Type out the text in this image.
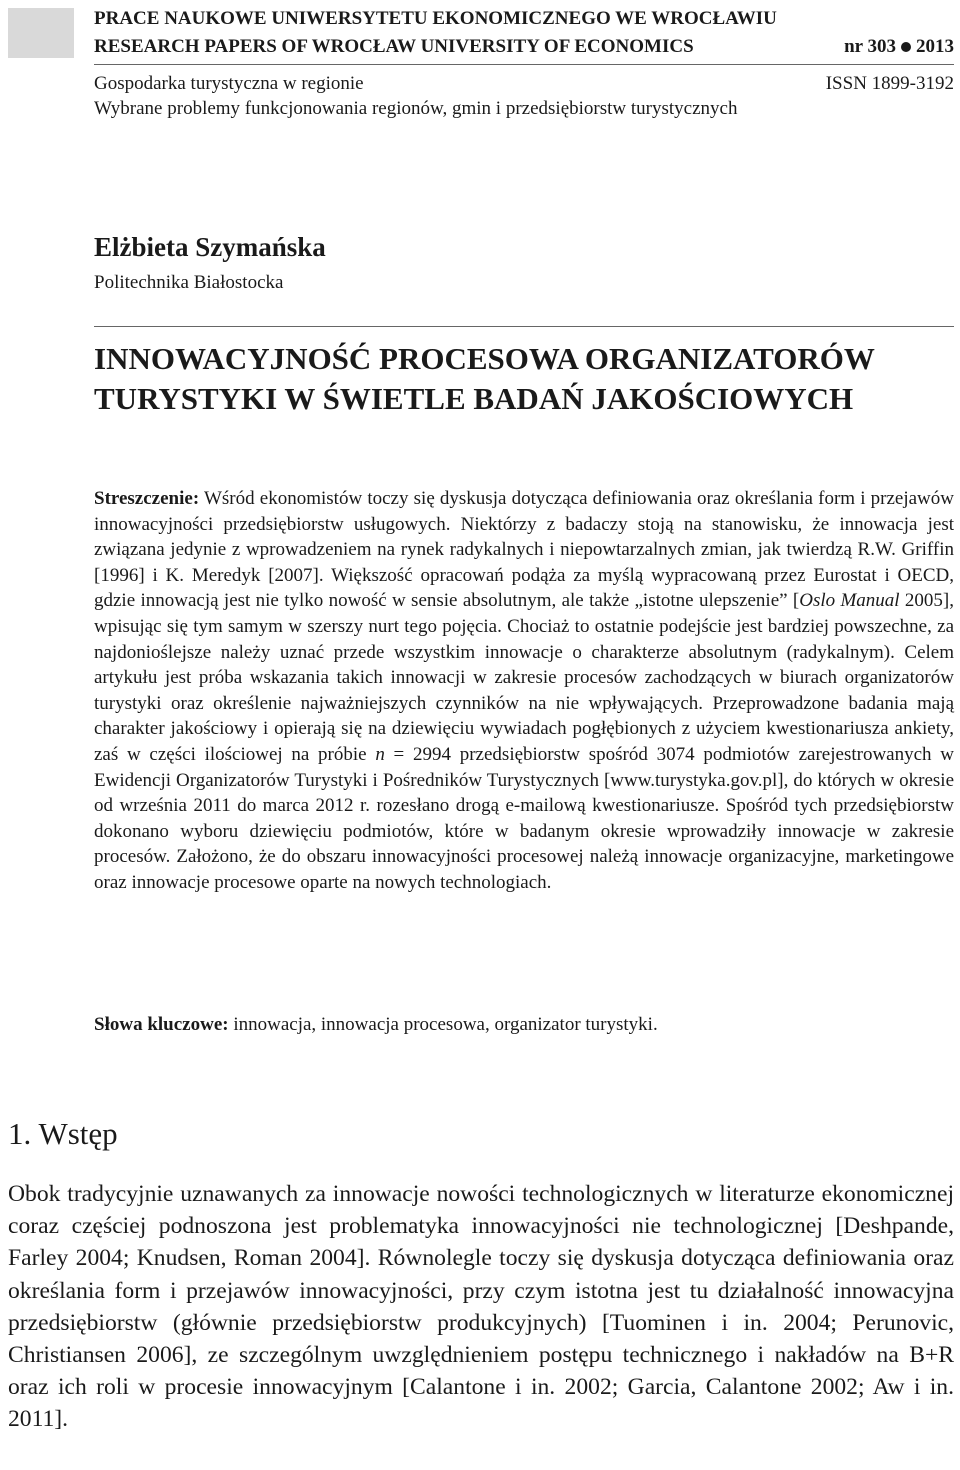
PRACE NAUKOWE UNIWERSYTETU EKONOMICZNEGO WE WROCŁAWIU
RESEARCH PAPERS OF WROCŁAW UNIVERSITY OF ECONOMICS	nr 303 2013
Gospodarka turystyczna w regionie	ISSN 1899-3192
Wybrane problemy funkcjonowania regionów, gmin i przedsiębiorstw turystycznych
Elżbieta Szymańska
Politechnika Białostocka
INNOWACYJNOŚĆ PROCESOWA ORGANIZATORÓW
TURYSTYKI W ŚWIETLE BADAŃ JAKOŚCIOWYCH
Streszczenie: Wśród ekonomistów toczy się dyskusja dotycząca definiowania oraz określania form i przejawów innowacyjności przedsiębiorstw usługowych. Niektórzy z badaczy stoją na stanowisku, że innowacja jest związana jedynie z wprowadzeniem na rynek radykalnych i niepowtarzalnych zmian, jak twierdzą R.W. Griffin [1996] i K. Meredyk [2007]. Większość opracowań podąża za myślą wypracowaną przez Eurostat i OECD, gdzie innowacją jest nie tylko nowość w sensie absolutnym, ale także „istotne ulepszenie” [Oslo Manual 2005], wpisując się tym samym w szerszy nurt tego pojęcia. Chociaż to ostatnie podejście jest bardziej powszechne, za najdonioślejsze należy uznać przede wszystkim innowacje o charakterze absolutnym (radykalnym). Celem artykułu jest próba wskazania takich innowacji w zakresie procesów zachodzących w biurach organizatorów turystyki oraz określenie najważniejszych czynników na nie wpływających. Przeprowadzone badania mają charakter jakościowy i opierają się na dziewięciu wywiadach pogłębionych z użyciem kwestionariusza ankiety, zaś w części ilościowej na próbie n = 2994 przedsiębiorstw spośród 3074 podmiotów zarejestrowanych w Ewidencji Organizatorów Turystyki i Pośredników Turystycznych [www.turystyka.gov.pl], do których w okresie od września 2011 do marca 2012 r. rozesłano drogą e-mailową kwestionariusze. Spośród tych przedsiębiorstw dokonano wyboru dziewięciu podmiotów, które w badanym okresie wprowadziły innowacje w zakresie procesów. Założono, że do obszaru innowacyjności procesowej należą innowacje organizacyjne, marketingowe oraz innowacje procesowe oparte na nowych technologiach.
Słowa kluczowe: innowacja, innowacja procesowa, organizator turystyki.
1. Wstęp
Obok tradycyjnie uznawanych za innowacje nowości technologicznych w literaturze ekonomicznej coraz częściej podnoszona jest problematyka innowacyjności nie technologicznej [Deshpande, Farley 2004; Knudsen, Roman 2004]. Równolegle toczy się dyskusja dotycząca definiowania oraz określania form i przejawów innowacyjności, przy czym istotna jest tu działalność innowacyjna przedsiębiorstw (głównie przedsiębiorstw produkcyjnych) [Tuominen i in. 2004; Perunovic, Christiansen 2006], ze szczególnym uwzględnieniem postępu technicznego i nakładów na B+R oraz ich roli w procesie innowacyjnym [Calantone i in. 2002; Garcia, Calantone 2002; Aw i in. 2011].
